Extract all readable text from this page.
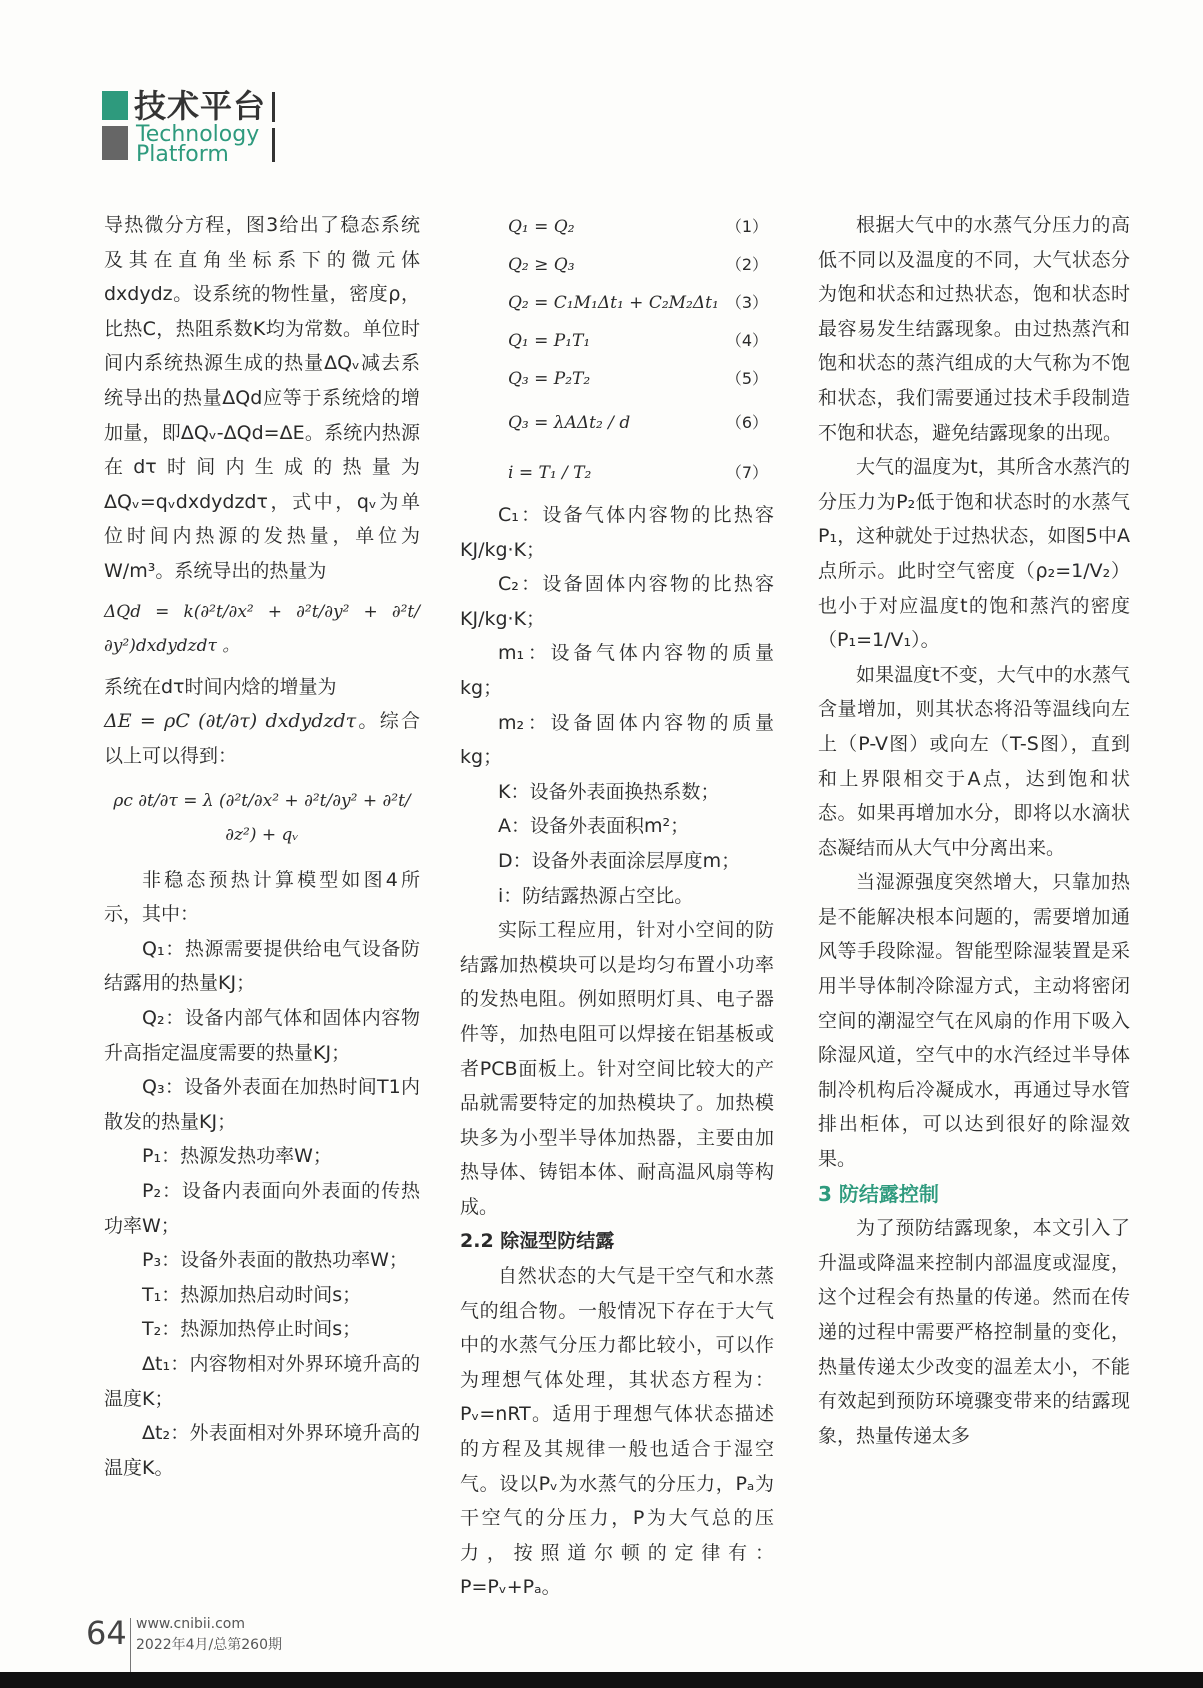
技术平台
Technology
Platform

导热微分方程，图3给出了稳态系统及其在直角坐标系下的微元体dxdydz。设系统的物性量，密度ρ，比热C，热阻系数K均为常数。单位时间内系统热源生成的热量ΔQᵥ减去系统导出的热量ΔQd应等于系统焓的增加量，即ΔQᵥ-ΔQd=ΔE。系统内热源在dτ时间内生成的热量为ΔQᵥ=qᵥdxdydzdτ，式中，qᵥ为单位时间内热源的发热量，单位为W/m³。系统导出的热量为

ΔQd = k(∂²t/∂x² + ∂²t/∂y² + ∂²t/∂y²)dxdydzdτ 。

系统在dτ时间内焓的增量为

ΔE = ρC (∂t/∂τ) dxdydzdτ。综合以上可以得到：

ρc ∂t/∂τ = λ (∂²t/∂x² + ∂²t/∂y² + ∂²t/∂z²) + qᵥ

非稳态预热计算模型如图4所示，其中：

Q₁：热源需要提供给电气设备防结露用的热量KJ；

Q₂：设备内部气体和固体内容物升高指定温度需要的热量KJ；

Q₃：设备外表面在加热时间T1内散发的热量KJ；

P₁：热源发热功率W；

P₂：设备内表面向外表面的传热功率W；

P₃：设备外表面的散热功率W；

T₁：热源加热启动时间s；

T₂：热源加热停止时间s；

Δt₁：内容物相对外界环境升高的温度K；

Δt₂：外表面相对外界环境升高的温度K。

Q₁ = Q₂	（1）
Q₂ ≥ Q₃	（2）
Q₂ = C₁M₁Δt₁ + C₂M₂Δt₁ （3）
Q₁ = P₁T₁	（4）
Q₃ = P₂T₂	（5）
Q₃ = λAΔt₂ / d	（6）
i = T₁ / T₂	（7）

C₁：设备气体内容物的比热容KJ/kg·K；

C₂：设备固体内容物的比热容KJ/kg·K；

m₁：设备气体内容物的质量kg；

m₂：设备固体内容物的质量kg；

K：设备外表面换热系数；

A：设备外表面积m²；

D：设备外表面涂层厚度m；

i：防结露热源占空比。

实际工程应用，针对小空间的防结露加热模块可以是均匀布置小功率的发热电阻。例如照明灯具、电子器件等，加热电阻可以焊接在铝基板或者PCB面板上。针对空间比较大的产品就需要特定的加热模块了。加热模块多为小型半导体加热器，主要由加热导体、铸铝本体、耐高温风扇等构成。

2.2 除湿型防结露

自然状态的大气是干空气和水蒸气的组合物。一般情况下存在于大气中的水蒸气分压力都比较小，可以作为理想气体处理，其状态方程为：Pᵥ=nRT。适用于理想气体状态描述的方程及其规律一般也适合于湿空气。设以Pᵥ为水蒸气的分压力，Pₐ为干空气的分压力，P为大气总的压力，按照道尔顿的定律有：P=Pᵥ+Pₐ。

根据大气中的水蒸气分压力的高低不同以及温度的不同，大气状态分为饱和状态和过热状态，饱和状态时最容易发生结露现象。由过热蒸汽和饱和状态的蒸汽组成的大气称为不饱和状态，我们需要通过技术手段制造不饱和状态，避免结露现象的出现。

大气的温度为t，其所含水蒸汽的分压力为P₂低于饱和状态时的水蒸气P₁，这种就处于过热状态，如图5中A点所示。此时空气密度（ρ₂=1/V₂）也小于对应温度t的饱和蒸汽的密度（P₁=1/V₁）。

如果温度t不变，大气中的水蒸气含量增加，则其状态将沿等温线向左上（P-V图）或向左（T-S图），直到和上界限相交于A点，达到饱和状态。如果再增加水分，即将以水滴状态凝结而从大气中分离出来。

当湿源强度突然增大，只靠加热是不能解决根本问题的，需要增加通风等手段除湿。智能型除湿装置是采用半导体制冷除湿方式，主动将密闭空间的潮湿空气在风扇的作用下吸入除湿风道，空气中的水汽经过半导体制冷机构后冷凝成水，再通过导水管排出柜体，可以达到很好的除湿效果。

3 防结露控制

为了预防结露现象，本文引入了升温或降温来控制内部温度或湿度，这个过程会有热量的传递。然而在传递的过程中需要严格控制量的变化，热量传递太少改变的温差太小，不能有效起到预防环境骤变带来的结露现象，热量传递太多

64 www.cnibii.com
2022年4月/总第260期
